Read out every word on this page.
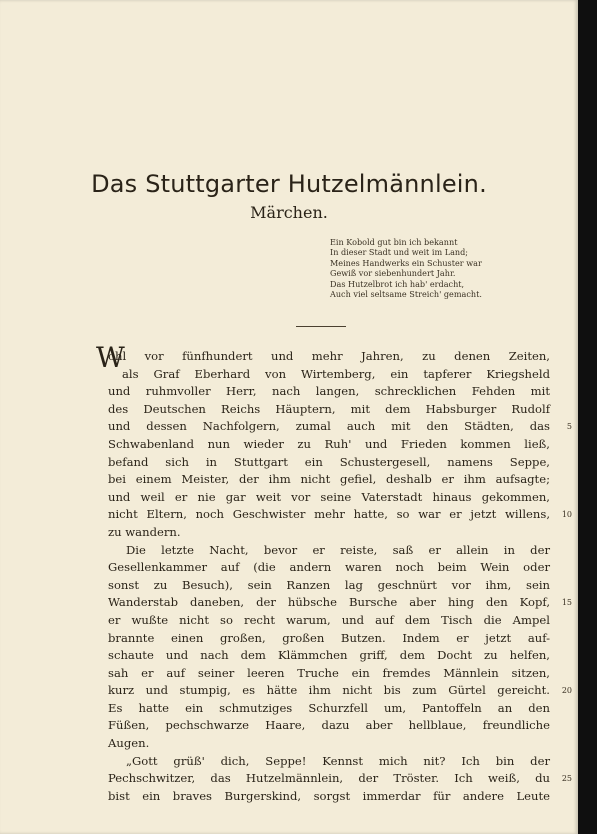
Das Stuttgarter Hutzelmännlein.
Märchen.
Ein Kobold gut bin ich bekannt
In dieser Stadt und weit im Land;
Meines Handwerks ein Schuster war
Gewiß vor siebenhundert Jahr.
Das Hutzelbrot ich hab' erdacht,
Auch viel seltsame Streich' gemacht.
W
ohl vor fünfhundert und mehr Jahren, zu denen Zeiten,
als Graf Eberhard von Wirtemberg, ein tapferer Kriegsheld
und ruhmvoller Herr, nach langen, schrecklichen Fehden mit
des Deutschen Reichs Häuptern, mit dem Habsburger Rudolf
und dessen Nachfolgern, zumal auch mit den Städten, das 5
Schwabenland nun wieder zu Ruh' und Frieden kommen ließ,
befand sich in Stuttgart ein Schustergesell, namens Seppe,
bei einem Meister, der ihm nicht gefiel, deshalb er ihm aufsagte;
und weil er nie gar weit vor seine Vaterstadt hinaus gekommen,
nicht Eltern, noch Geschwister mehr hatte, so war er jetzt willens, 10
zu wandern.
Die letzte Nacht, bevor er reiste, saß er allein in der
Gesellenkammer auf (die andern waren noch beim Wein oder
sonst zu Besuch), sein Ranzen lag geschnürt vor ihm, sein
Wanderstab daneben, der hübsche Bursche aber hing den Kopf, 15
er wußte nicht so recht warum, und auf dem Tisch die Ampel
brannte einen großen, großen Butzen. Indem er jetzt auf-
schaute und nach dem Klämmchen griff, dem Docht zu helfen,
sah er auf seiner leeren Truche ein fremdes Männlein sitzen,
kurz und stumpig, es hätte ihm nicht bis zum Gürtel gereicht. 20
Es hatte ein schmutziges Schurzfell um, Pantoffeln an den
Füßen, pechschwarze Haare, dazu aber hellblaue, freundliche
Augen.
„Gott grüß' dich, Seppe! Kennst mich nit? Ich bin der
Pechschwitzer, das Hutzelmännlein, der Tröster. Ich weiß, du 25
bist ein braves Burgerskind, sorgst immerdar für andere Leute
